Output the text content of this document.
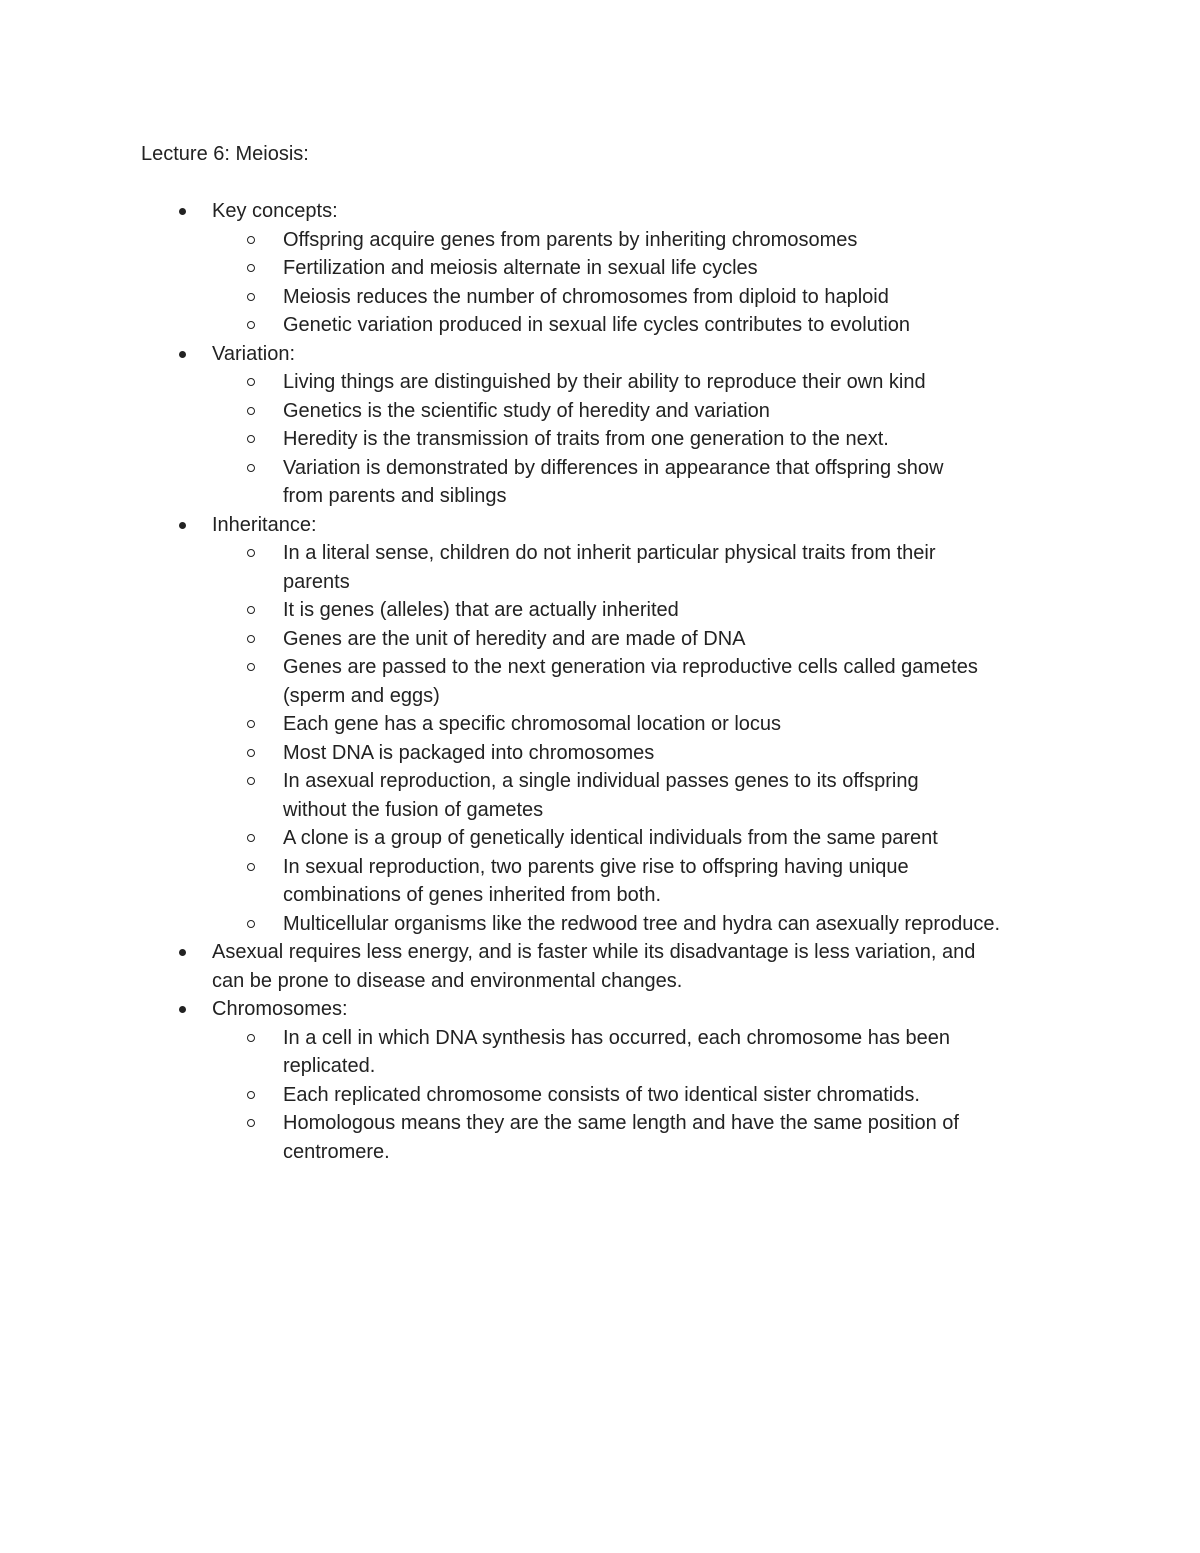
Lecture 6: Meiosis:
Key concepts:
Offspring acquire genes from parents by inheriting chromosomes
Fertilization and meiosis alternate in sexual life cycles
Meiosis reduces the number of chromosomes from diploid to haploid
Genetic variation produced in sexual life cycles contributes to evolution
Variation:
Living things are distinguished by their ability to reproduce their own kind
Genetics is the scientific study of heredity and variation
Heredity is the transmission of traits from one generation to the next.
Variation is demonstrated by differences in appearance that offspring show from parents and siblings
Inheritance:
In a literal sense, children do not inherit particular physical traits from their parents
It is genes (alleles) that are actually inherited
Genes are the unit of heredity and are made of DNA
Genes are passed to the next generation via reproductive cells called gametes (sperm and eggs)
Each gene has a specific chromosomal location or locus
Most DNA is packaged into chromosomes
In asexual reproduction, a single individual passes genes to its offspring without the fusion of gametes
A clone is a group of genetically identical individuals from the same parent
In sexual reproduction, two parents give rise to offspring having unique combinations of genes inherited from both.
Multicellular organisms like the redwood tree and hydra can asexually reproduce.
Asexual requires less energy, and is faster while its disadvantage is less variation, and can be prone to disease and environmental changes.
Chromosomes:
In a cell in which DNA synthesis has occurred, each chromosome has been replicated.
Each replicated chromosome consists of two identical sister chromatids.
Homologous means they are the same length and have the same position of centromere.
